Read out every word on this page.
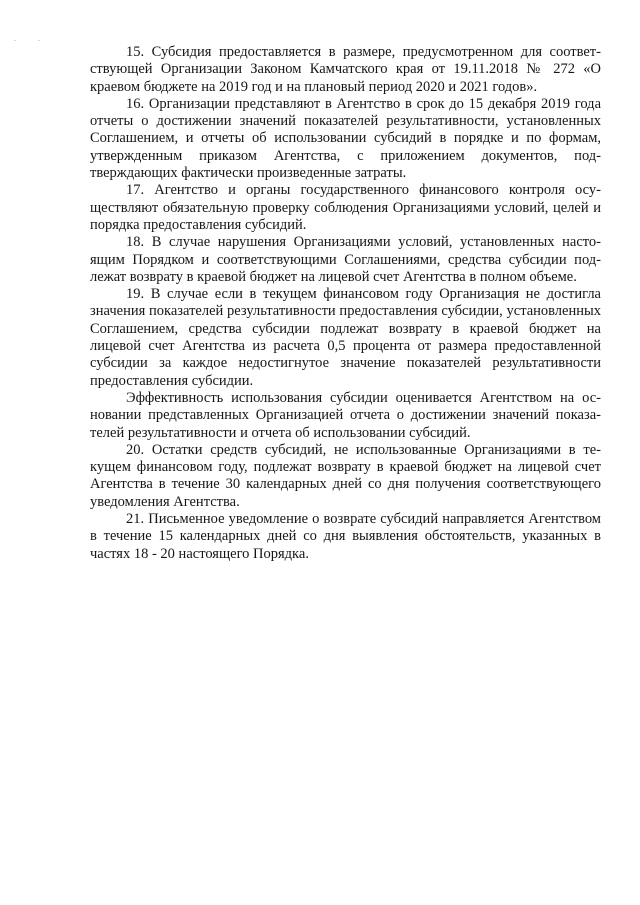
. .

15. Субсидия предоставляется в размере, предусмотренном для соответствующей Организации Законом Камчатского края от 19.11.2018 № 272 «О краевом бюджете на 2019 год и на плановый период 2020 и 2021 годов».

16. Организации представляют в Агентство в срок до 15 декабря 2019 года отчеты о достижении значений показателей результативности, установленных Соглашением, и отчеты об использовании субсидий в порядке и по формам, утвержденным приказом Агентства, с приложением документов, подтверждающих фактически произведенные затраты.

17. Агентство и органы государственного финансового контроля осуществляют обязательную проверку соблюдения Организациями условий, целей и порядка предоставления субсидий.

18. В случае нарушения Организациями условий, установленных настоящим Порядком и соответствующими Соглашениями, средства субсидии подлежат возврату в краевой бюджет на лицевой счет Агентства в полном объеме.

19. В случае если в текущем финансовом году Организация не достигла значения показателей результативности предоставления субсидии, установленных Соглашением, средства субсидии подлежат возврату в краевой бюджет на лицевой счет Агентства из расчета 0,5 процента от размера предоставленной субсидии за каждое недостигнутое значение показателей результативности предоставления субсидии.

Эффективность использования субсидии оценивается Агентством на основании представленных Организацией отчета о достижении значений показателей результативности и отчета об использовании субсидий.

20. Остатки средств субсидий, не использованные Организациями в текущем финансовом году, подлежат возврату в краевой бюджет на лицевой счет Агентства в течение 30 календарных дней со дня получения соответствующего уведомления Агентства.

21. Письменное уведомление о возврате субсидий направляется Агентством в течение 15 календарных дней со дня выявления обстоятельств, указанных в частях 18 - 20 настоящего Порядка.
